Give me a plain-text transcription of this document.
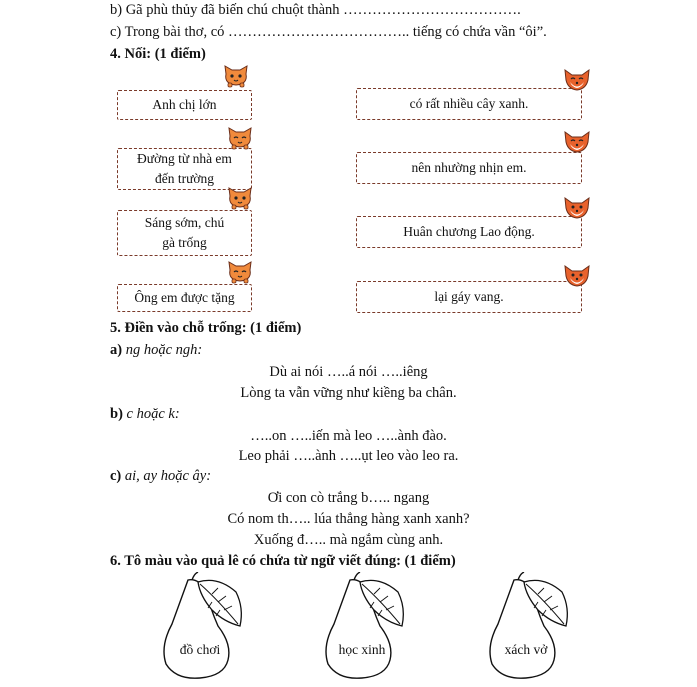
b) Gã phù thủy đã biến chú chuột thành ……………………………….
c) Trong bài thơ, có ……………………………….. tiếng có chứa vần “ôi”.
4. Nối: (1 điểm)
Anh chị lớn
Đường từ nhà em
đến trường
Sáng sớm, chú
gà trống
Ông em được tặng
có rất nhiều cây xanh.
nên nhường nhịn em.
Huân chương Lao động.
lại gáy vang.
5. Điền vào chỗ trống: (1 điểm)
a) ng hoặc ngh:
Dù ai nói …..á nói …..iêng
Lòng ta vẫn vững như kiềng ba chân.
b) c hoặc k:
…..on …..iến mà leo …..ành đào.
Leo phải …..ành …..ụt leo vào leo ra.
c) ai, ay hoặc ây:
Ơi con cò trắng b….. ngang
Có nom th….. lúa thẳng hàng xanh xanh?
Xuống đ….. mà ngắm cùng anh.
6. Tô màu vào quả lê có chứa từ ngữ viết đúng: (1 điểm)
đồ chơi	học xinh	xách vở
